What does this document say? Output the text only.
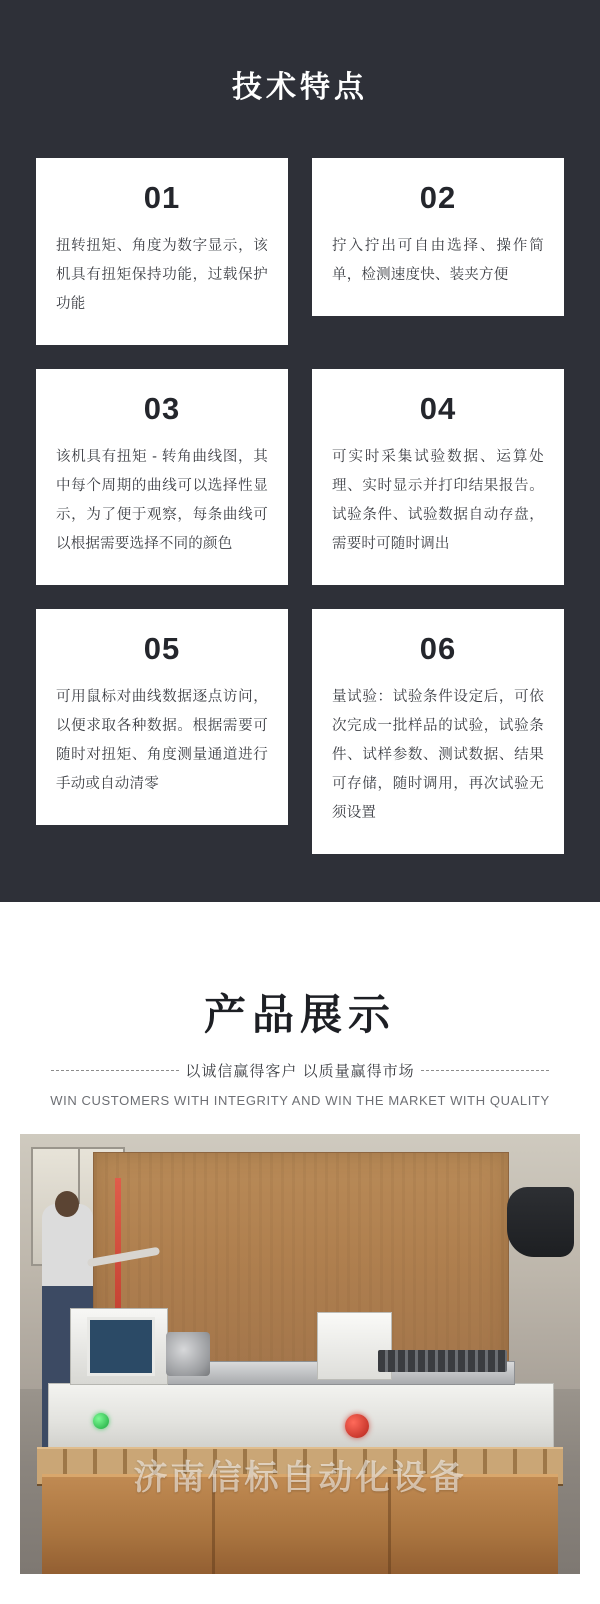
技术特点
01
扭转扭矩、角度为数字显示，该机具有扭矩保持功能，过载保护功能
02
拧入拧出可自由选择、操作简单，检测速度快、装夹方便
03
该机具有扭矩 - 转角曲线图，其中每个周期的曲线可以选择性显示，为了便于观察，每条曲线可以根据需要选择不同的颜色
04
可实时采集试验数据、运算处理、实时显示并打印结果报告。试验条件、试验数据自动存盘，需要时可随时调出
05
可用鼠标对曲线数据逐点访问，以便求取各种数据。根据需要可随时对扭矩、角度测量通道进行手动或自动清零
06
量试验：试验条件设定后，可依次完成一批样品的试验，试验条件、试样参数、测试数据、结果可存储，随时调用，再次试验无须设置
产品展示
以诚信赢得客户 以质量赢得市场
WIN CUSTOMERS WITH INTEGRITY AND WIN THE MARKET WITH QUALITY
济南信标自动化设备
